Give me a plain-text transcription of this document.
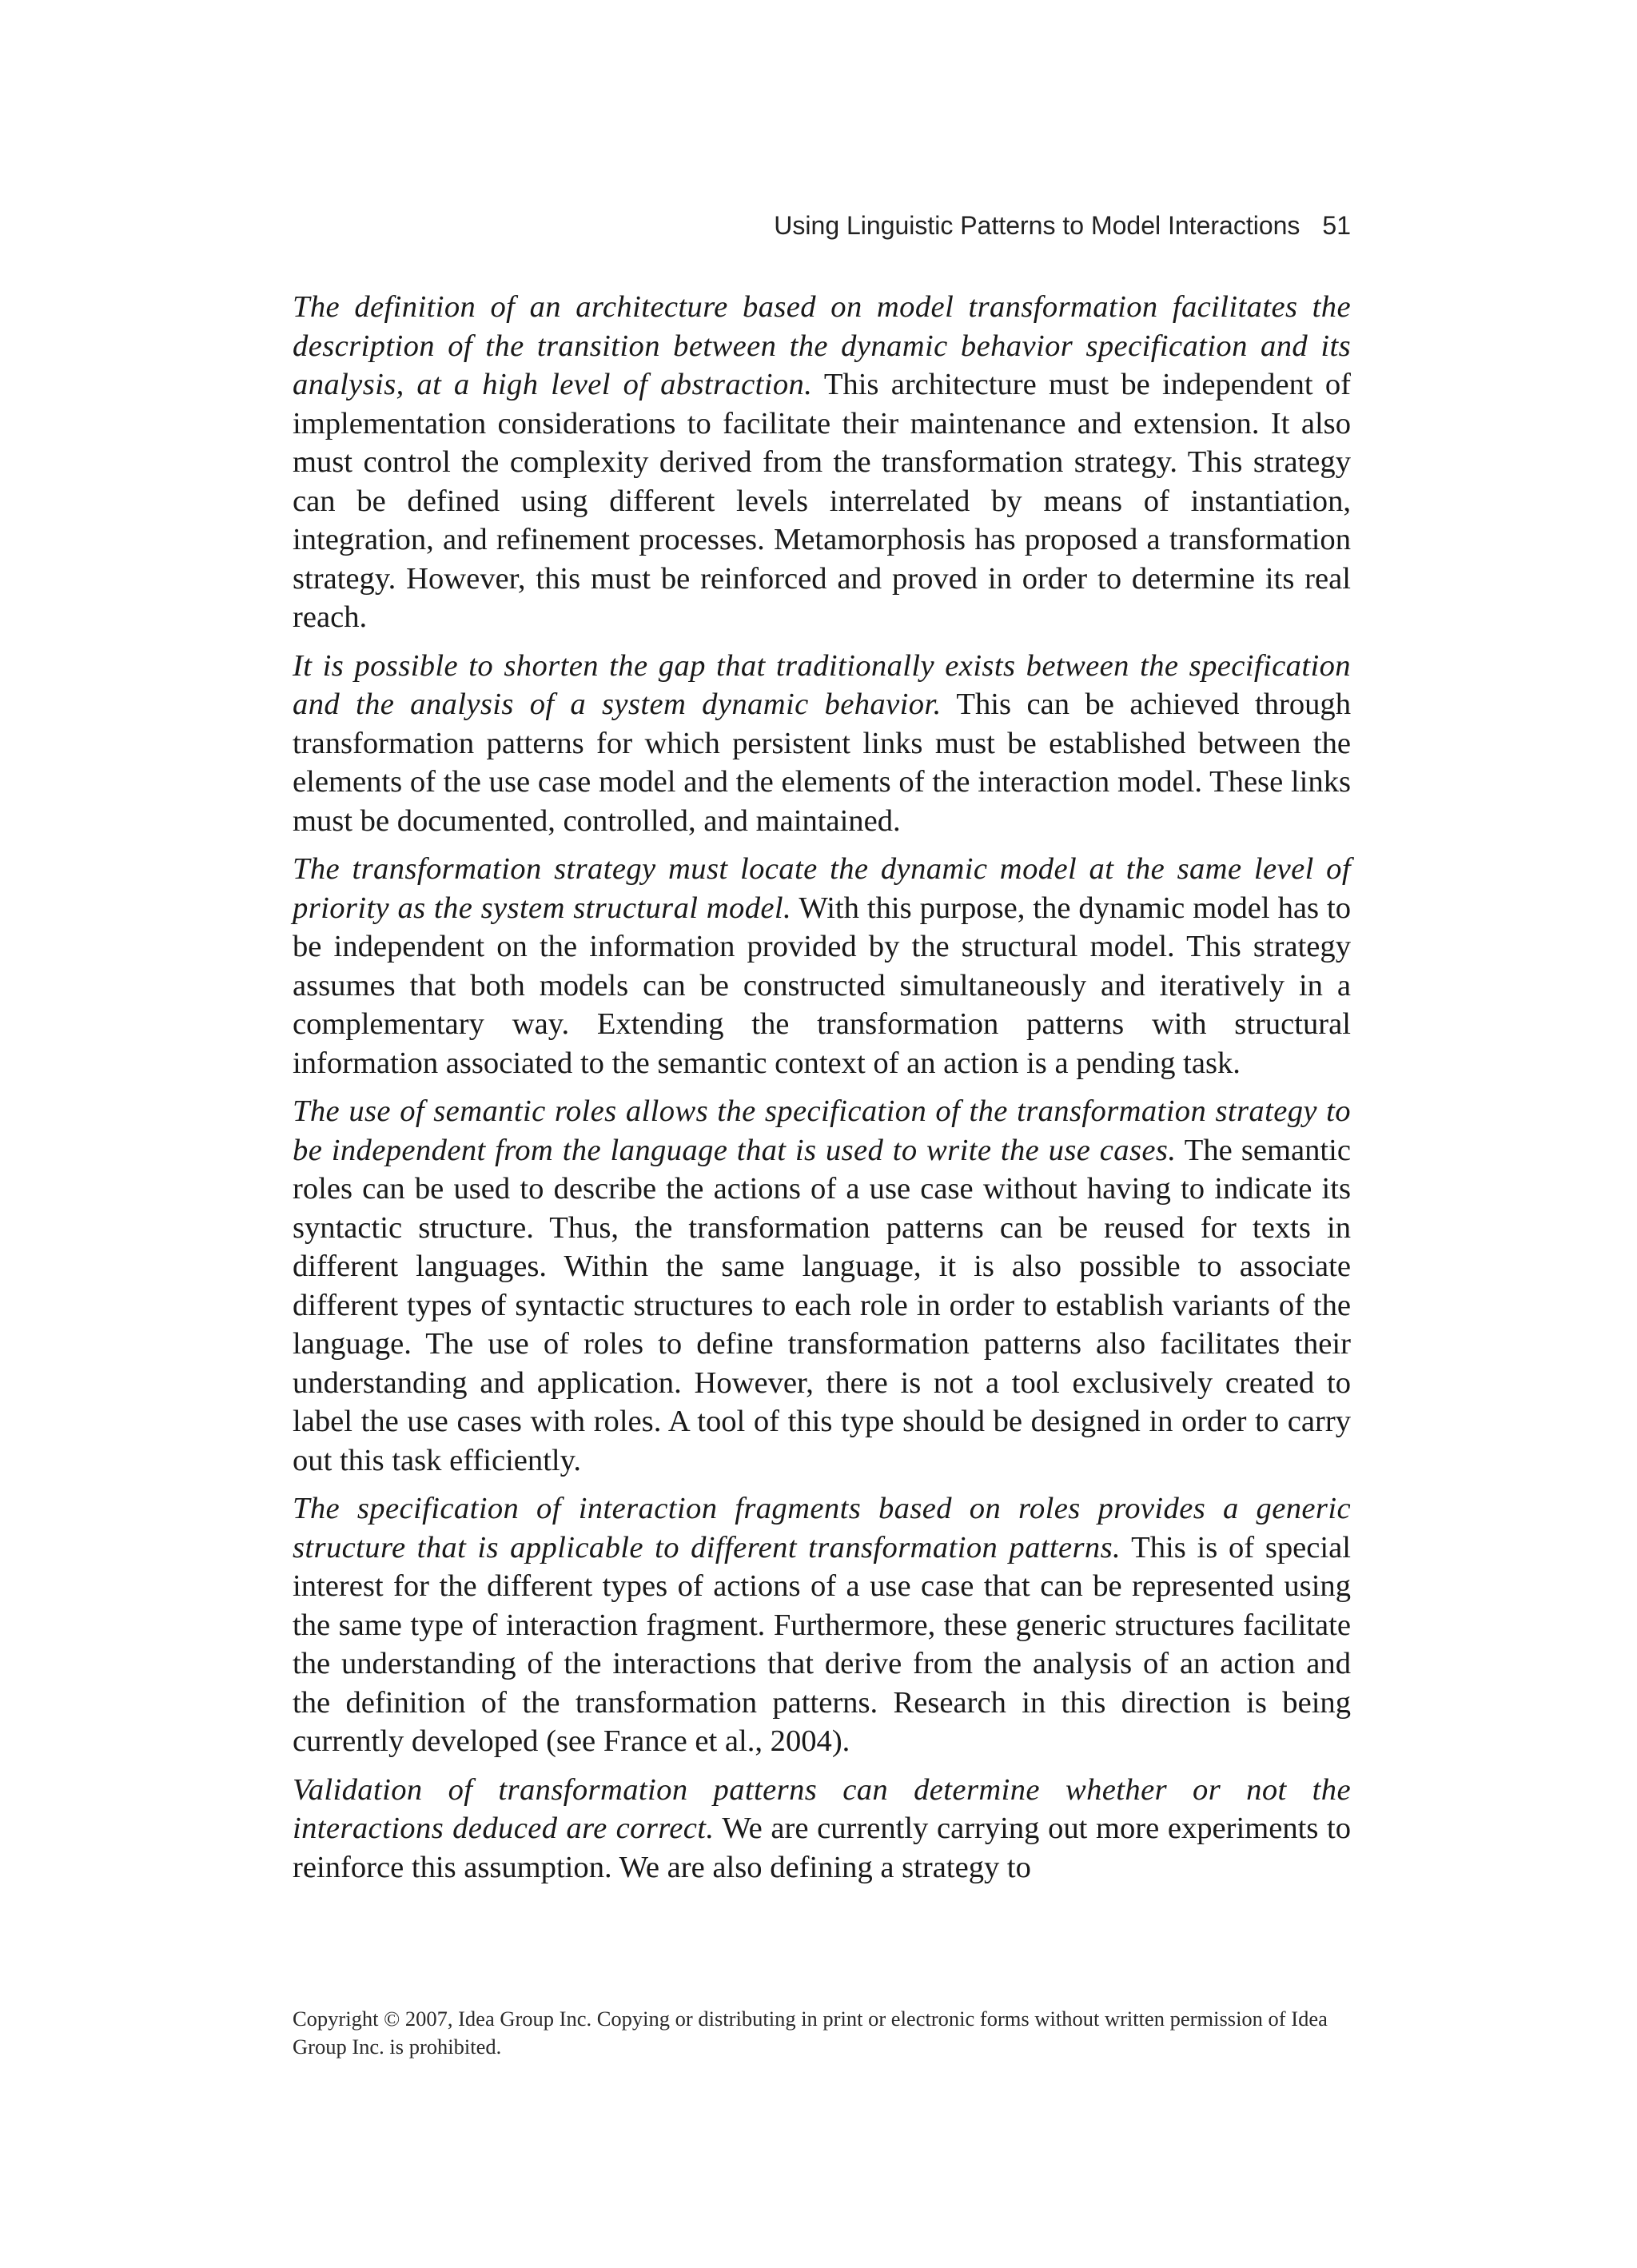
Using Linguistic Patterns to Model Interactions 51

The definition of an architecture based on model transformation facilitates the description of the transition between the dynamic behavior specification and its analysis, at a high level of abstraction. This architecture must be independent of implementation considerations to facilitate their maintenance and extension. It also must control the complexity derived from the transformation strategy. This strategy can be defined using different levels interrelated by means of instantiation, integration, and refinement processes. Metamorphosis has proposed a transformation strategy. However, this must be reinforced and proved in order to determine its real reach.

It is possible to shorten the gap that traditionally exists between the specification and the analysis of a system dynamic behavior. This can be achieved through transformation patterns for which persistent links must be established between the elements of the use case model and the elements of the interaction model. These links must be documented, controlled, and maintained.

The transformation strategy must locate the dynamic model at the same level of priority as the system structural model. With this purpose, the dynamic model has to be independent on the information provided by the structural model. This strategy assumes that both models can be constructed simultaneously and iteratively in a complementary way. Extending the transformation patterns with structural information associated to the semantic context of an action is a pending task.

The use of semantic roles allows the specification of the transformation strategy to be independent from the language that is used to write the use cases. The semantic roles can be used to describe the actions of a use case without having to indicate its syntactic structure. Thus, the transformation patterns can be reused for texts in different languages. Within the same language, it is also possible to associate different types of syntactic structures to each role in order to establish variants of the language. The use of roles to define transformation patterns also facilitates their understanding and application. However, there is not a tool exclusively created to label the use cases with roles. A tool of this type should be designed in order to carry out this task efficiently.

The specification of interaction fragments based on roles provides a generic structure that is applicable to different transformation patterns. This is of special interest for the different types of actions of a use case that can be represented using the same type of interaction fragment. Furthermore, these generic structures facilitate the understanding of the interactions that derive from the analysis of an action and the definition of the transformation patterns. Research in this direction is being currently developed (see France et al., 2004).

Validation of transformation patterns can determine whether or not the interactions deduced are correct. We are currently carrying out more experiments to reinforce this assumption. We are also defining a strategy to

Copyright © 2007, Idea Group Inc. Copying or distributing in print or electronic forms without written permission of Idea Group Inc. is prohibited.
